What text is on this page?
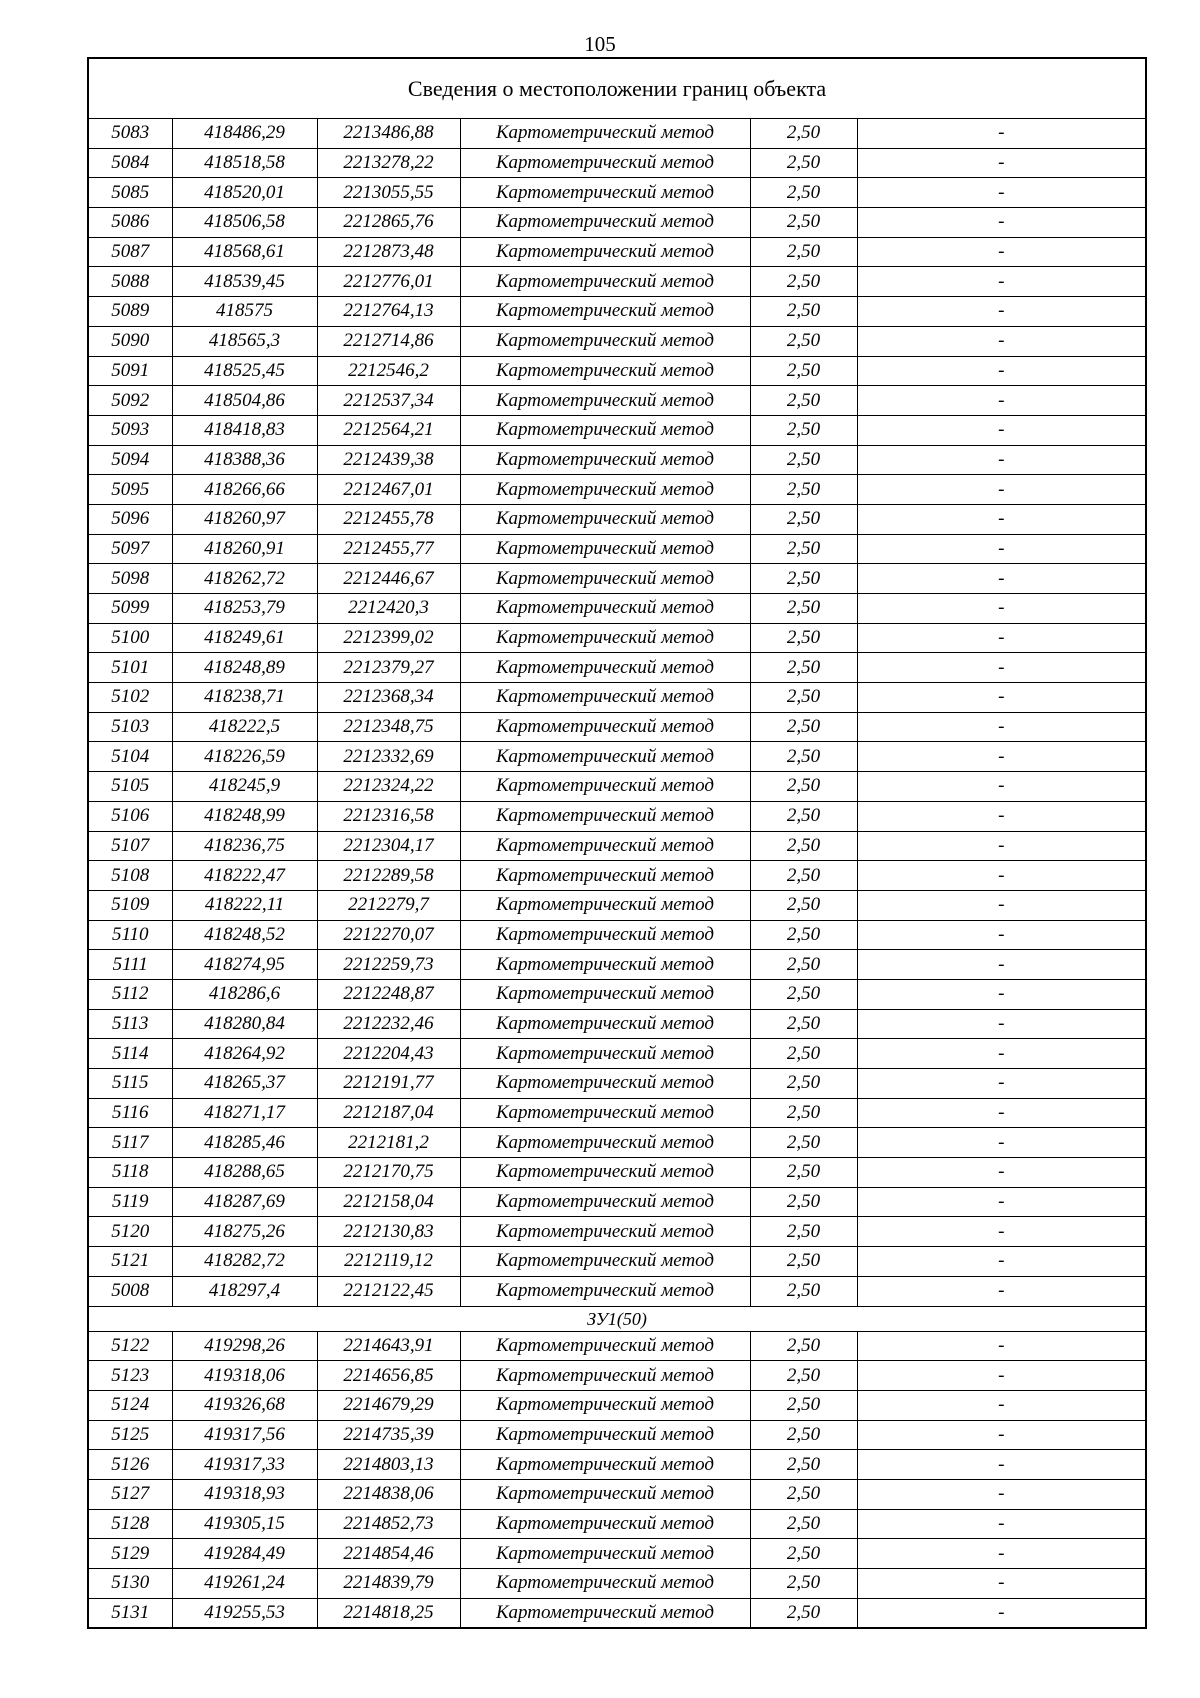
105
Сведения о местоположении границ объекта					
5083	418486,29	2213486,88	Картометрический метод	2,50	-
5084	418518,58	2213278,22	Картометрический метод	2,50	-
5085	418520,01	2213055,55	Картометрический метод	2,50	-
5086	418506,58	2212865,76	Картометрический метод	2,50	-
5087	418568,61	2212873,48	Картометрический метод	2,50	-
5088	418539,45	2212776,01	Картометрический метод	2,50	-
5089	418575	2212764,13	Картометрический метод	2,50	-
5090	418565,3	2212714,86	Картометрический метод	2,50	-
5091	418525,45	2212546,2	Картометрический метод	2,50	-
5092	418504,86	2212537,34	Картометрический метод	2,50	-
5093	418418,83	2212564,21	Картометрический метод	2,50	-
5094	418388,36	2212439,38	Картометрический метод	2,50	-
5095	418266,66	2212467,01	Картометрический метод	2,50	-
5096	418260,97	2212455,78	Картометрический метод	2,50	-
5097	418260,91	2212455,77	Картометрический метод	2,50	-
5098	418262,72	2212446,67	Картометрический метод	2,50	-
5099	418253,79	2212420,3	Картометрический метод	2,50	-
5100	418249,61	2212399,02	Картометрический метод	2,50	-
5101	418248,89	2212379,27	Картометрический метод	2,50	-
5102	418238,71	2212368,34	Картометрический метод	2,50	-
5103	418222,5	2212348,75	Картометрический метод	2,50	-
5104	418226,59	2212332,69	Картометрический метод	2,50	-
5105	418245,9	2212324,22	Картометрический метод	2,50	-
5106	418248,99	2212316,58	Картометрический метод	2,50	-
5107	418236,75	2212304,17	Картометрический метод	2,50	-
5108	418222,47	2212289,58	Картометрический метод	2,50	-
5109	418222,11	2212279,7	Картометрический метод	2,50	-
5110	418248,52	2212270,07	Картометрический метод	2,50	-
5111	418274,95	2212259,73	Картометрический метод	2,50	-
5112	418286,6	2212248,87	Картометрический метод	2,50	-
5113	418280,84	2212232,46	Картометрический метод	2,50	-
5114	418264,92	2212204,43	Картометрический метод	2,50	-
5115	418265,37	2212191,77	Картометрический метод	2,50	-
5116	418271,17	2212187,04	Картометрический метод	2,50	-
5117	418285,46	2212181,2	Картометрический метод	2,50	-
5118	418288,65	2212170,75	Картометрический метод	2,50	-
5119	418287,69	2212158,04	Картометрический метод	2,50	-
5120	418275,26	2212130,83	Картометрический метод	2,50	-
5121	418282,72	2212119,12	Картометрический метод	2,50	-
5008	418297,4	2212122,45	Картометрический метод	2,50	-
ЗУ1(50)					
5122	419298,26	2214643,91	Картометрический метод	2,50	-
5123	419318,06	2214656,85	Картометрический метод	2,50	-
5124	419326,68	2214679,29	Картометрический метод	2,50	-
5125	419317,56	2214735,39	Картометрический метод	2,50	-
5126	419317,33	2214803,13	Картометрический метод	2,50	-
5127	419318,93	2214838,06	Картометрический метод	2,50	-
5128	419305,15	2214852,73	Картометрический метод	2,50	-
5129	419284,49	2214854,46	Картометрический метод	2,50	-
5130	419261,24	2214839,79	Картометрический метод	2,50	-
5131	419255,53	2214818,25	Картометрический метод	2,50	-
